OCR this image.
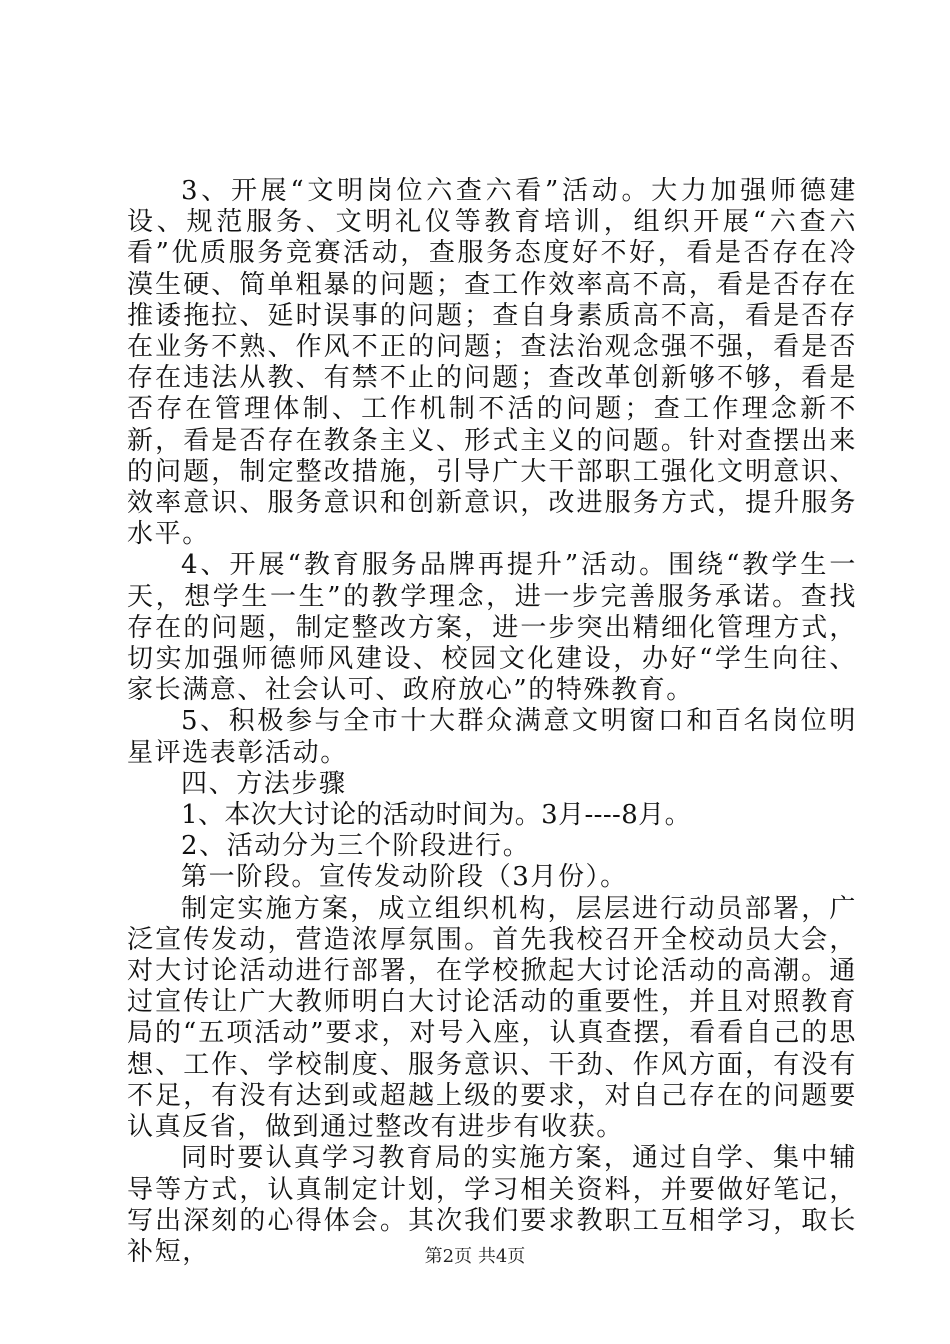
3、开展“文明岗位六查六看”活动。大力加强师德建设、规范服务、文明礼仪等教育培训，组织开展“六查六看”优质服务竞赛活动，查服务态度好不好，看是否存在冷漠生硬、简单粗暴的问题；查工作效率高不高，看是否存在推诿拖拉、延时误事的问题；查自身素质高不高，看是否存在业务不熟、作风不正的问题；查法治观念强不强，看是否存在违法从教、有禁不止的问题；查改革创新够不够，看是否存在管理体制、工作机制不活的问题；查工作理念新不新，看是否存在教条主义、形式主义的问题。针对查摆出来的问题，制定整改措施，引导广大干部职工强化文明意识、效率意识、服务意识和创新意识，改进服务方式，提升服务水平。

4、开展“教育服务品牌再提升”活动。围绕“教学生一天，想学生一生”的教学理念，进一步完善服务承诺。查找存在的问题，制定整改方案，进一步突出精细化管理方式，切实加强师德师风建设、校园文化建设，办好“学生向往、家长满意、社会认可、政府放心”的特殊教育。

5、积极参与全市十大群众满意文明窗口和百名岗位明星评选表彰活动。

四、方法步骤

1、本次大讨论的活动时间为。3月----8月。

2、活动分为三个阶段进行。

第一阶段。宣传发动阶段（3月份）。

制定实施方案，成立组织机构，层层进行动员部署，广泛宣传发动，营造浓厚氛围。首先我校召开全校动员大会，对大讨论活动进行部署，在学校掀起大讨论活动的高潮。通过宣传让广大教师明白大讨论活动的重要性，并且对照教育局的“五项活动”要求，对号入座，认真查摆，看看自己的思想、工作、学校制度、服务意识、干劲、作风方面，有没有不足，有没有达到或超越上级的要求，对自己存在的问题要认真反省，做到通过整改有进步有收获。

同时要认真学习教育局的实施方案，通过自学、集中辅导等方式，认真制定计划，学习相关资料，并要做好笔记，写出深刻的心得体会。其次我们要求教职工互相学习，取长补短，	第2页 共4页
